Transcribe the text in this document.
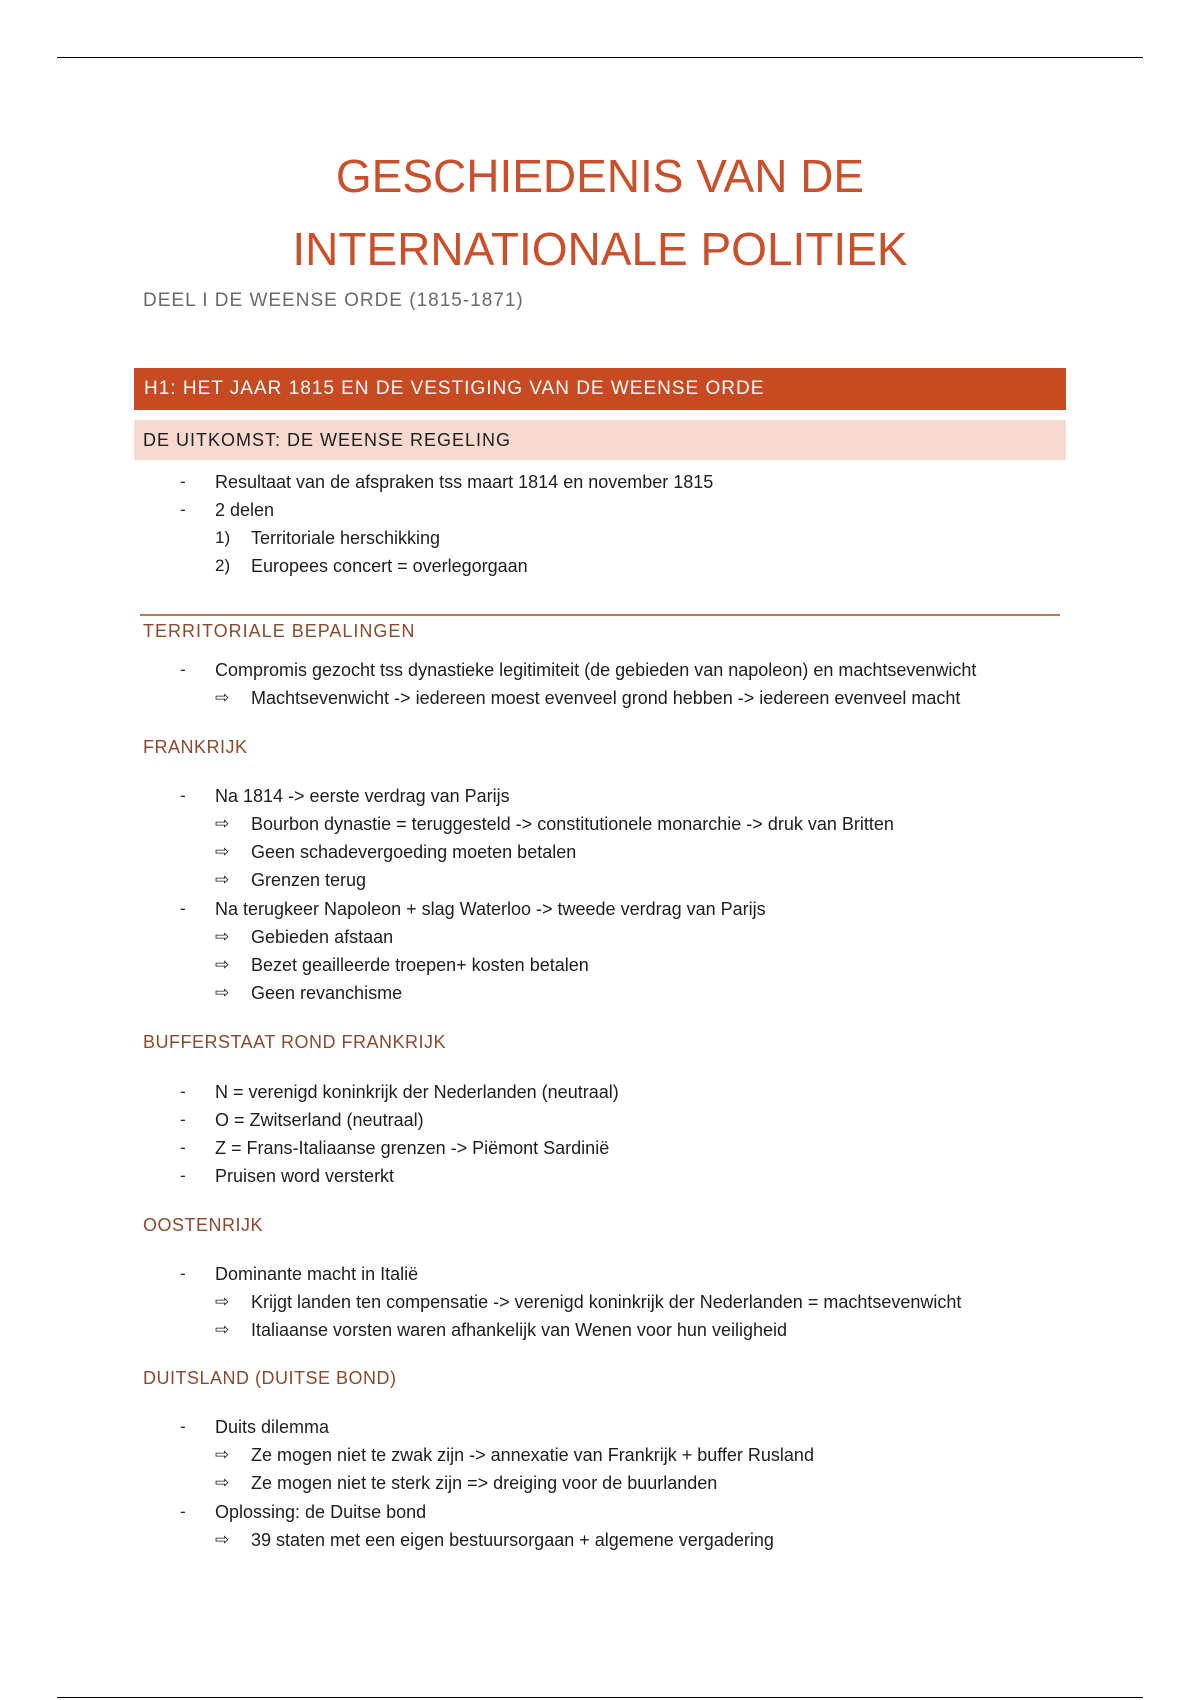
GESCHIEDENIS VAN DE
INTERNATIONALE POLITIEK
DEEL I DE WEENSE ORDE (1815-1871)
H1: HET JAAR 1815 EN DE VESTIGING VAN DE WEENSE ORDE
DE UITKOMST: DE WEENSE REGELING
- Resultaat van de afspraken tss maart 1814 en november 1815
- 2 delen
1) Territoriale herschikking
2) Europees concert = overlegorgaan
TERRITORIALE BEPALINGEN
- Compromis gezocht tss dynastieke legitimiteit (de gebieden van napoleon) en machtsevenwicht
⇨ Machtsevenwicht -> iedereen moest evenveel grond hebben -> iedereen evenveel macht
FRANKRIJK
- Na 1814 -> eerste verdrag van Parijs
⇨ Bourbon dynastie = teruggesteld -> constitutionele monarchie -> druk van Britten
⇨ Geen schadevergoeding moeten betalen
⇨ Grenzen terug
- Na terugkeer Napoleon + slag Waterloo -> tweede verdrag van Parijs
⇨ Gebieden afstaan
⇨ Bezet geailleerde troepen+ kosten betalen
⇨ Geen revanchisme
BUFFERSTAAT ROND FRANKRIJK
- N = verenigd koninkrijk der Nederlanden (neutraal)
- O = Zwitserland (neutraal)
- Z = Frans-Italiaanse grenzen -> Piëmont Sardinië
- Pruisen word versterkt
OOSTENRIJK
- Dominante macht in Italië
⇨ Krijgt landen ten compensatie -> verenigd koninkrijk der Nederlanden = machtsevenwicht
⇨ Italiaanse vorsten waren afhankelijk van Wenen voor hun veiligheid
DUITSLAND (DUITSE BOND)
- Duits dilemma
⇨ Ze mogen niet te zwak zijn -> annexatie van Frankrijk + buffer Rusland
⇨ Ze mogen niet te sterk zijn => dreiging voor de buurlanden
- Oplossing: de Duitse bond
⇨ 39 staten met een eigen bestuursorgaan + algemene vergadering
